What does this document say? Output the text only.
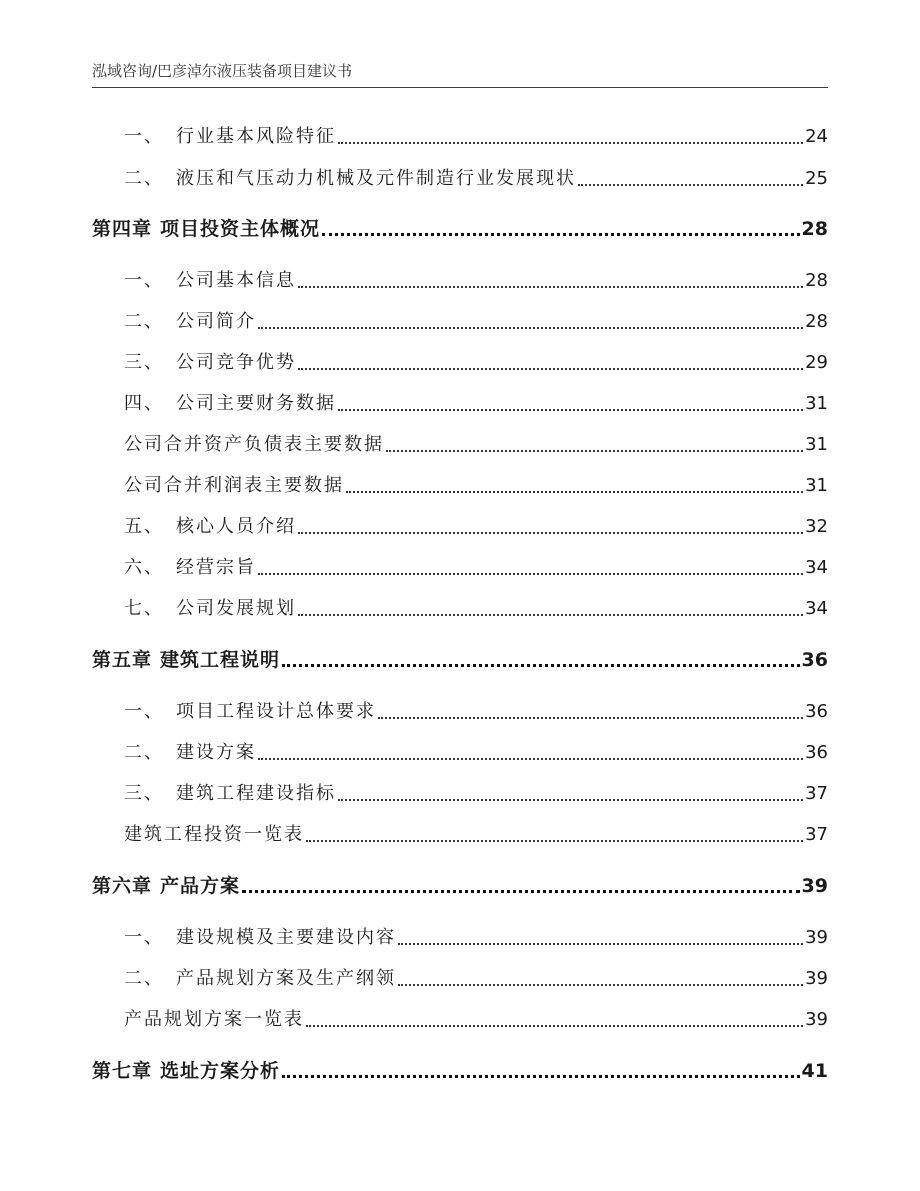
泓域咨询/巴彦淖尔液压装备项目建议书
一、 行业基本风险特征	24
二、 液压和气压动力机械及元件制造行业发展现状	25
第四章 项目投资主体概况	28
一、 公司基本信息	28
二、 公司简介	28
三、 公司竞争优势	29
四、 公司主要财务数据	31
公司合并资产负债表主要数据	31
公司合并利润表主要数据	31
五、 核心人员介绍	32
六、 经营宗旨	34
七、 公司发展规划	34
第五章 建筑工程说明	36
一、 项目工程设计总体要求	36
二、 建设方案	36
三、 建筑工程建设指标	37
建筑工程投资一览表	37
第六章 产品方案	39
一、 建设规模及主要建设内容	39
二、 产品规划方案及生产纲领	39
产品规划方案一览表	39
第七章 选址方案分析	41
